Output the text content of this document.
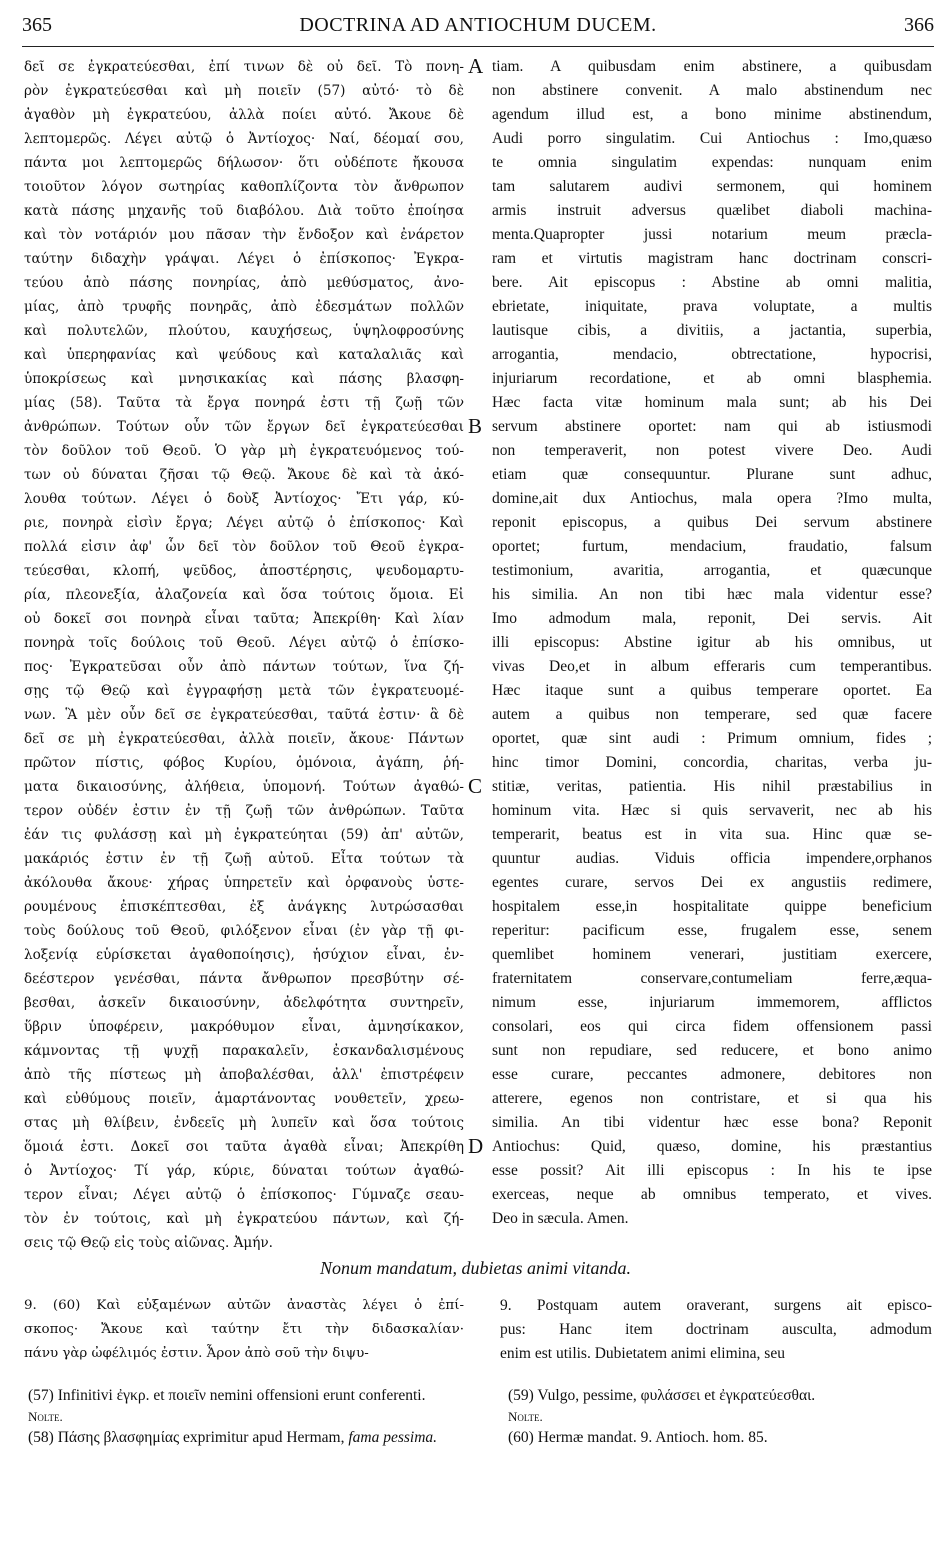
365	DOCTRINA AD ANTIOCHUM DUCEM.	366
δεῖ σε ἐγκρατεύεσθαι, ἐπί τινων δὲ οὐ δεῖ. Τὸ πονη-
ρὸν ἐγκρατεύεσθαι καὶ μὴ ποιεῖν (57) αὐτό· τὸ δὲ
ἀγαθὸν μὴ ἐγκρατεύου, ἀλλὰ ποίει αὐτό. Ἄκουε δὲ
λεπτομερῶς. Λέγει αὐτῷ ὁ Ἀντίοχος· Ναί, δέομαί σου,
πάντα μοι λεπτομερῶς δήλωσον· ὅτι οὐδέποτε ἤκουσα
τοιοῦτον λόγον σωτηρίας καθοπλίζοντα τὸν ἄνθρωπον
κατὰ πάσης μηχανῆς τοῦ διαβόλου. Διὰ τοῦτο ἐποίησα
καὶ τὸν νοτάριόν μου πᾶσαν τὴν ἔνδοξον καὶ ἐνάρετον
ταύτην διδαχὴν γράψαι. Λέγει ὁ ἐπίσκοπος· Ἐγκρα-
τεύου ἀπὸ πάσης πονηρίας, ἀπὸ μεθύσματος, ἀνο-
μίας, ἀπὸ τρυφῆς πονηρᾶς, ἀπὸ ἐδεσμάτων πολλῶν
καὶ πολυτελῶν, πλούτου, καυχήσεως, ὑψηλοφροσύνης
καὶ ὑπερηφανίας καὶ ψεύδους καὶ καταλαλιᾶς καὶ
ὑποκρίσεως καὶ μνησικακίας καὶ πάσης βλασφη-
μίας (58). Ταῦτα τὰ ἔργα πονηρά ἐστι τῇ ζωῇ τῶν
ἀνθρώπων. Τούτων οὖν τῶν ἔργων δεῖ ἐγκρατεύεσθαι
τὸν δοῦλον τοῦ Θεοῦ. Ὁ γὰρ μὴ ἐγκρατευόμενος τού-
των οὐ δύναται ζῆσαι τῷ Θεῷ. Ἄκουε δὲ καὶ τὰ ἀκό-
λουθα τούτων. Λέγει ὁ δοὺξ Ἀντίοχος· Ἔτι γάρ, κύ-
ριε, πονηρὰ εἰσὶν ἔργα; Λέγει αὐτῷ ὁ ἐπίσκοπος· Καὶ
πολλά εἰσιν ἀφ' ὧν δεῖ τὸν δοῦλον τοῦ Θεοῦ ἐγκρα-
τεύεσθαι, κλοπή, ψεῦδος, ἀποστέρησις, ψευδομαρτυ-
ρία, πλεονεξία, ἀλαζονεία καὶ ὅσα τούτοις ὅμοια. Εἰ
οὐ δοκεῖ σοι πονηρὰ εἶναι ταῦτα; Ἀπεκρίθη· Καὶ λίαν
πονηρὰ τοῖς δούλοις τοῦ Θεοῦ. Λέγει αὐτῷ ὁ ἐπίσκο-
πος· Ἐγκρατεῦσαι οὖν ἀπὸ πάντων τούτων, ἵνα ζή-
σῃς τῷ Θεῷ καὶ ἐγγραφήσῃ μετὰ τῶν ἐγκρατευομέ-
νων. Ἃ μὲν οὖν δεῖ σε ἐγκρατεύεσθαι, ταῦτά ἐστιν· ἃ δὲ
δεῖ σε μὴ ἐγκρατεύεσθαι, ἀλλὰ ποιεῖν, ἄκουε· Πάντων
πρῶτον πίστις, φόβος Κυρίου, ὁμόνοια, ἀγάπη, ῥή-
ματα δικαιοσύνης, ἀλήθεια, ὑπομονή. Τούτων ἀγαθώ-
τερον οὐδέν ἐστιν ἐν τῇ ζωῇ τῶν ἀνθρώπων. Ταῦτα
ἐάν τις φυλάσσῃ καὶ μὴ ἐγκρατεύηται (59) ἀπ' αὐτῶν,
μακάριός ἐστιν ἐν τῇ ζωῇ αὐτοῦ. Εἶτα τούτων τὰ
ἀκόλουθα ἄκουε· χήρας ὑπηρετεῖν καὶ ὀρφανοὺς ὑστε-
ρουμένους ἐπισκέπτεσθαι, ἐξ ἀνάγκης λυτρώσασθαι
τοὺς δούλους τοῦ Θεοῦ, φιλόξενον εἶναι (ἐν γὰρ τῇ φι-
λοξενίᾳ εὑρίσκεται ἀγαθοποίησις), ἡσύχιον εἶναι, ἐν-
δεέστερον γενέσθαι, πάντα ἄνθρωπον πρεσβύτην σέ-
βεσθαι, ἀσκεῖν δικαιοσύνην, ἀδελφότητα συντηρεῖν,
ὕβριν ὑποφέρειν, μακρόθυμον εἶναι, ἀμνησίκακον,
κάμνοντας τῇ ψυχῇ παρακαλεῖν, ἐσκανδαλισμένους
ἀπὸ τῆς πίστεως μὴ ἀποβαλέσθαι, ἀλλ' ἐπιστρέφειν
καὶ εὐθύμους ποιεῖν, ἁμαρτάνοντας νουθετεῖν, χρεω-
στας μὴ θλίβειν, ἐνδεεῖς μὴ λυπεῖν καὶ ὅσα τούτοις
ὅμοιά ἐστι. Δοκεῖ σοι ταῦτα ἀγαθὰ εἶναι; Ἀπεκρίθη
ὁ Ἀντίοχος· Τί γάρ, κύριε, δύναται τούτων ἀγαθώ-
τερον εἶναι; Λέγει αὐτῷ ὁ ἐπίσκοπος· Γύμναζε σεαυ-
τὸν ἐν τούτοις, καὶ μὴ ἐγκρατεύου πάντων, καὶ ζή-
σεις τῷ Θεῷ εἰς τοὺς αἰῶνας. Ἀμήν.
tiam. A quibusdam enim abstinere, a quibusdam
non abstinere convenit. A malo abstinendum nec
agendum illud est, a bono minime abstinendum,
Audi porro singulatim. Cui Antiochus : Imo,quæso
te omnia singulatim expendas: nunquam enim
tam salutarem audivi sermonem, qui hominem
armis instruit adversus quælibet diaboli machina-
menta.Quapropter jussi notarium meum præcla-
ram et virtutis magistram hanc doctrinam conscri-
bere. Ait episcopus : Abstine ab omni malitia,
ebrietate, iniquitate, prava voluptate, a multis
lautisque cibis, a divitiis, a jactantia, superbia,
arrogantia, mendacio, obtrectatione, hypocrisi,
injuriarum recordatione, et ab omni blasphemia.
Hæc facta vitæ hominum mala sunt; ab his Dei
servum abstinere oportet: nam qui ab istiusmodi
non temperaverit, non potest vivere Deo. Audi
etiam quæ consequuntur. Plurane sunt adhuc,
domine,ait dux Antiochus, mala opera ?Imo multa,
reponit episcopus, a quibus Dei servum abstinere
oportet; furtum, mendacium, fraudatio, falsum
testimonium, avaritia, arrogantia, et quæcunque
his similia. An non tibi hæc mala videntur esse?
Imo admodum mala, reponit, Dei servis. Ait
illi episcopus: Abstine igitur ab his omnibus, ut
vivas Deo,et in album efferaris cum temperantibus.
Hæc itaque sunt a quibus temperare oportet. Ea
autem a quibus non temperare, sed quæ facere
oportet, quæ sint audi : Primum omnium, fides ;
hinc timor Domini, concordia, charitas, verba ju-
stitiæ, veritas, patientia. His nihil præstabilius in
hominum vita. Hæc si quis servaverit, nec ab his
temperarit, beatus est in vita sua. Hinc quæ se-
quuntur audias. Viduis officia impendere,orphanos
egentes curare, servos Dei ex angustiis redimere,
hospitalem esse,in hospitalitate quippe beneficium
reperitur: pacificum esse, frugalem esse, senem
quemlibet hominem venerari, justitiam exercere,
fraternitatem conservare,contumeliam ferre,æqua-
nimum esse, injuriarum immemorem, afflictos
consolari, eos qui circa fidem offensionem passi
sunt non repudiare, sed reducere, et bono animo
esse curare, peccantes admonere, debitores non
atterere, egenos non contristare, et si qua his
similia. An tibi videntur hæc esse bona? Reponit
Antiochus: Quid, quæso, domine, his præstantius
esse possit? Ait illi episcopus : In his te ipse
exerceas, neque ab omnibus temperato, et vives.
Deo in sæcula. Amen.
A
B
C
D
Nonum mandatum, dubietas animi vitanda.
9. (60) Καὶ εὐξαμένων αὐτῶν ἀναστὰς λέγει ὁ ἐπί-
σκοπος· Ἄκουε καὶ ταύτην ἔτι τὴν διδασκαλίαν·
πάνυ γὰρ ὠφέλιμός ἐστιν. Ἆρον ἀπὸ σοῦ τὴν διψυ-
9. Postquam autem oraverant, surgens ait episco-
pus: Hanc item doctrinam ausculta, admodum
enim est utilis. Dubietatem animi elimina, seu
(57) Infinitivi ἐγκρ. et ποιεῖν nemini offensioni erunt conferenti. Nolte.
(58) Πάσης βλασφημίας exprimitur apud Hermam, fama pessima.
(59) Vulgo, pessime, φυλάσσει et ἐγκρατεύεσθαι.
Nolte.
(60) Hermæ mandat. 9. Antioch. hom. 85.
